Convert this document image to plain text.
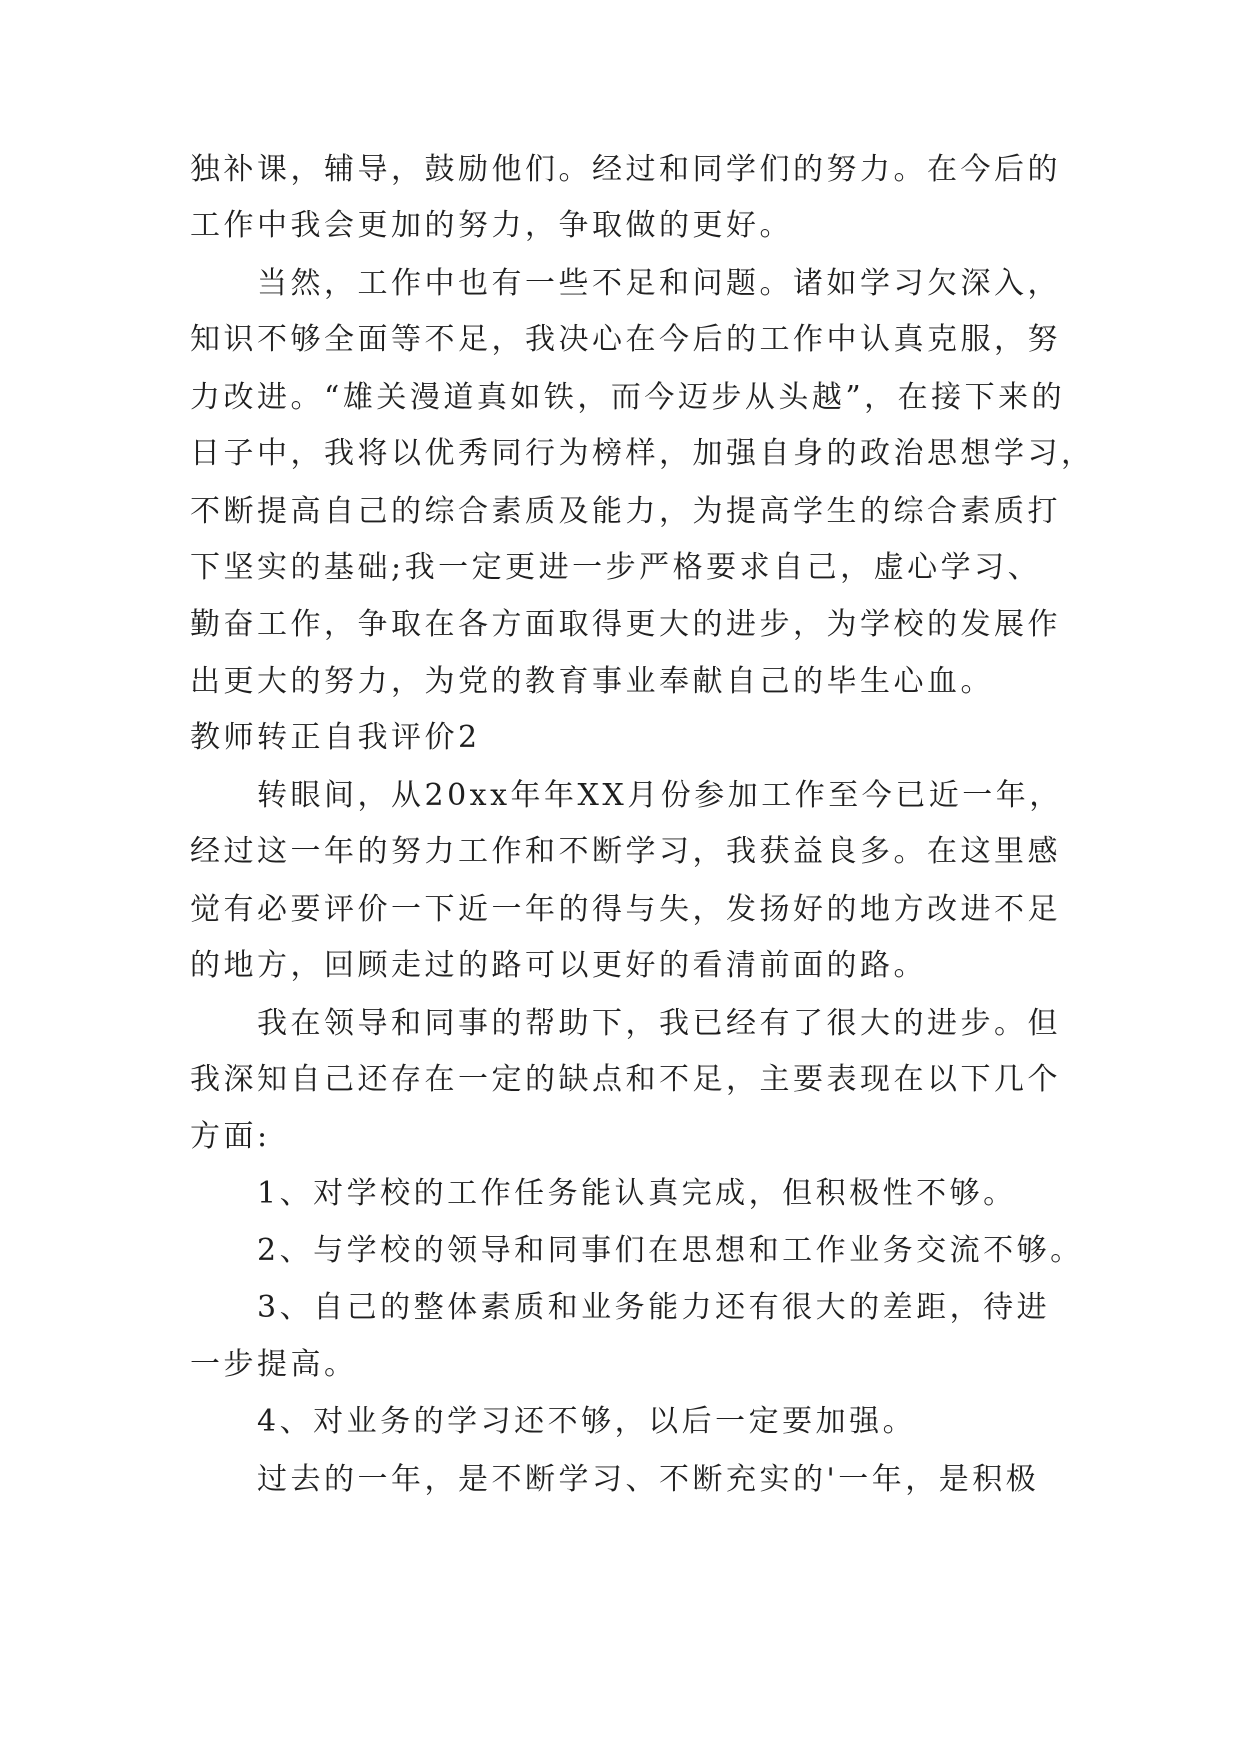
独补课，辅导，鼓励他们。经过和同学们的努力。在今后的
工作中我会更加的努力，争取做的更好。
当然，工作中也有一些不足和问题。诸如学习欠深入，
知识不够全面等不足，我决心在今后的工作中认真克服，努
力改进。“雄关漫道真如铁，而今迈步从头越”，在接下来的
日子中，我将以优秀同行为榜样，加强自身的政治思想学习，
不断提高自己的综合素质及能力，为提高学生的综合素质打
下坚实的基础;我一定更进一步严格要求自己，虚心学习、
勤奋工作，争取在各方面取得更大的进步，为学校的发展作
出更大的努力，为党的教育事业奉献自己的毕生心血。
教师转正自我评价2
转眼间，从20xx年年XX月份参加工作至今已近一年，
经过这一年的努力工作和不断学习，我获益良多。在这里感
觉有必要评价一下近一年的得与失，发扬好的地方改进不足
的地方，回顾走过的路可以更好的看清前面的路。
我在领导和同事的帮助下，我已经有了很大的进步。但
我深知自己还存在一定的缺点和不足，主要表现在以下几个
方面:
1、对学校的工作任务能认真完成，但积极性不够。
2、与学校的领导和同事们在思想和工作业务交流不够。
3、自己的整体素质和业务能力还有很大的差距，待进
一步提高。
4、对业务的学习还不够，以后一定要加强。
过去的一年，是不断学习、不断充实的'一年，是积极
